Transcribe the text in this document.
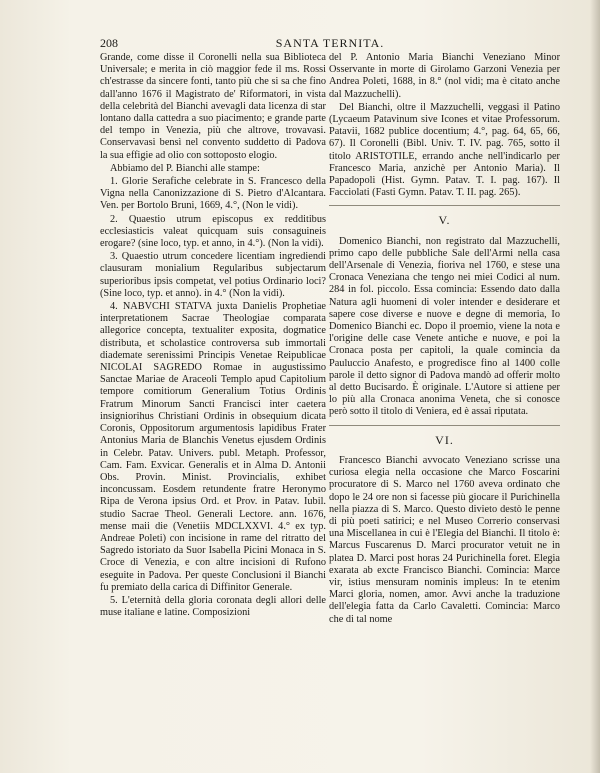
208	SANTA TERNITA.

Grande, come disse il Coronelli nella sua Biblioteca Universale; e merita in ciò maggior fede il ms. Rossi ch'estrasse da sincere fonti, tanto più che si sa che fino dall'anno 1676 il Magistrato de' Riformatori, in vista della celebrità del Bianchi avevagli data licenza di star lontano dalla cattedra a suo piacimento; e grande parte del tempo in Venezia, più che altrove, trovavasi. Conservavasi bensì nel convento suddetto di Padova la sua effigie ad olio con sottoposto elogio.

Abbiamo del P. Bianchi alle stampe:

1. Glorie Serafiche celebrate in S. Francesco della Vigna nella Canonizzazione di S. Pietro d'Alcantara. Ven. per Bortolo Bruni, 1669, 4.°, (Non le vidi).

2. Quaestio utrum episcopus ex redditibus ecclesiasticis valeat quicquam suis consaguineis erogare? (sine loco, typ. et anno, in 4.°). (Non la vidi).

3. Quaestio utrum concedere licentiam ingrediendi clausuram monialium Regularibus subjectarum superioribus ipsis competat, vel potius Ordinario loci? (Sine loco, typ. et anno). in 4.° (Non la vidi).

4. NABVCHI STATVA juxta Danielis Prophetiae interpretationem Sacrae Theologiae comparata allegorice concepta, textualiter exposita, dogmatice distributa, et scholastice controversa sub immortali diademate serenissimi Principis Venetae Reipublicae NICOLAI SAGREDO Romae in augustissimo Sanctae Mariae de Araceoli Templo apud Capitolium tempore comitiorum Generalium Totius Ordinis Fratrum Minorum Sancti Francisci inter caetera insigniorihus Christiani Ordinis in obsequium dicata Coronis, Oppositorum argumentosis lapidibus Frater Antonius Maria de Blanchis Venetus ejusdem Ordinis in Celebr. Patav. Univers. publ. Metaph. Professor, Cam. Fam. Exvicar. Generalis et in Alma D. Antonii Obs. Provin. Minist. Provincialis, exhibet inconcussam. Eosdem retundente fratre Heronymo Ripa de Verona ipsius Ord. et Prov. in Patav. Iubil. studio Sacrae Theol. Generali Lectore. ann. 1676, mense maii die (Venetiis MDCLXXVI. 4.° ex typ. Andreae Poleti) con incisione in rame del ritratto del Sagredo istoriato da Suor Isabella Picini Monaca in S. Croce di Venezia, e con altre incisioni di Rufono eseguite in Padova. Per queste Conclusioni il Bianchi fu premiato della carica di Diffinitor Generale.

5. L'eternità della gloria coronata degli allori delle muse italiane e latine. Composizioni

del P. Antonio Maria Bianchi Veneziano Minor Osservante in morte di Girolamo Garzoni Venezia per Andrea Poleti, 1688, in 8.° (nol vidi; ma è citato anche dal Mazzuchelli).

Del Bianchi, oltre il Mazzuchelli, veggasi il Patino (Lycaeum Patavinum sive Icones et vitae Professorum. Patavii, 1682 publice docentium; 4.°, pag. 64, 65, 66, 67). Il Coronelli (Bibl. Univ. T. IV. pag. 765, sotto il titolo ARISTOTILE, errando anche nell'indicarlo per Francesco Maria, anzichè per Antonio Maria). Il Papadopoli (Hist. Gymn. Patav. T. I. pag. 167). Il Facciolati (Fasti Gymn. Patav. T. II. pag. 265).

V.

Domenico Bianchi, non registrato dal Mazzuchelli, primo capo delle pubbliche Sale dell'Armi nella casa dell'Arsenale di Venezia, fioriva nel 1760, e stese una Cronaca Veneziana che tengo nei miei Codici al num. 284 in fol. piccolo. Essa comincia: Essendo dato dalla Natura agli huomeni di voler intender e desiderare et sapere cose diverse e nuove e degne di memoria, Io Domenico Bianchi ec. Dopo il proemio, viene la nota e l'origine delle case Venete antiche e nuove, e poi la Cronaca posta per capitoli, la quale comincia da Pauluccio Anafesto, e progredisce fino al 1400 colle parole il detto signor di Padova mandò ad offerir molto al detto Bucisardo. È originale. L'Autore si attiene per lo più alla Cronaca anonima Veneta, che si conosce però sotto il titolo di Veniera, ed è assai riputata.

VI.

Francesco Bianchi avvocato Veneziano scrisse una curiosa elegia nella occasione che Marco Foscarini procuratore di S. Marco nel 1760 aveva ordinato che dopo le 24 ore non si facesse più giocare il Purichinella nella piazza di S. Marco. Questo divieto destò le penne di più poeti satirici; e nel Museo Correrio conservasi una Miscellanea in cui è l'Elegia del Bianchi. Il titolo è: Marcus Fuscarenus D. Marci procurator vetuit ne in platea D. Marci post horas 24 Purichinella foret. Elegia exarata ab excte Francisco Bianchi. Comincia: Marce vir, istius mensuram nominis impleus: In te etenim Marci gloria, nomen, amor. Avvi anche la traduzione dell'elegia fatta da Carlo Cavaletti. Comincia: Marco che di tal nome
